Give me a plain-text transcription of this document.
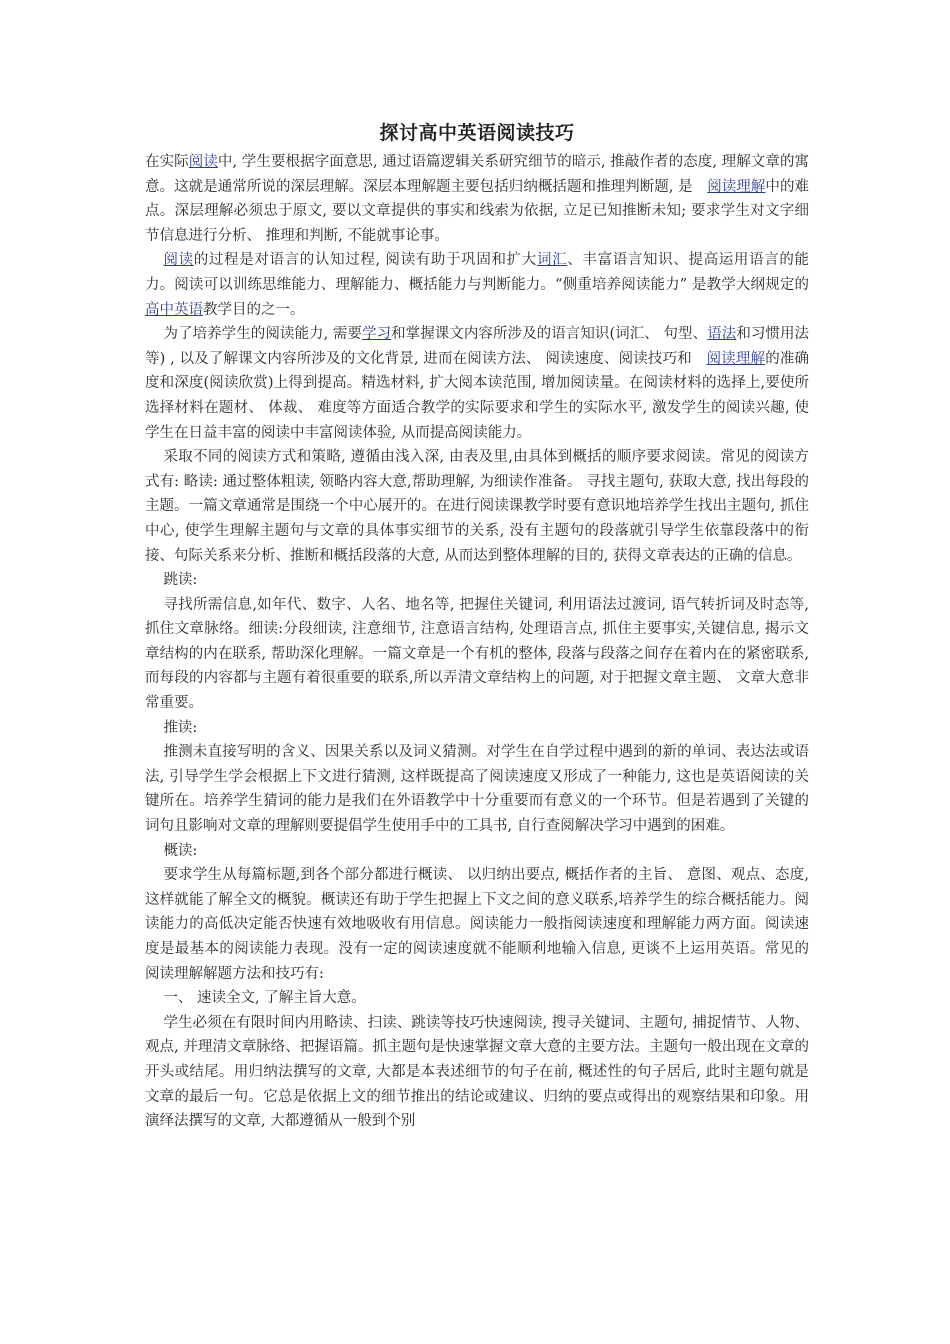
探讨高中英语阅读技巧

在实际阅读中, 学生要根据字面意思, 通过语篇逻辑关系研究细节的暗示, 推敲作者的态度, 理解文章的寓意。这就是通常所说的深层理解。深层本理解题主要包括归纳概括题和推理判断题, 是　阅读理解中的难点。深层理解必须忠于原文, 要以文章提供的事实和线索为依据, 立足已知推断未知; 要求学生对文字细节信息进行分析、 推理和判断, 不能就事论事。

阅读的过程是对语言的认知过程, 阅读有助于巩固和扩大词汇、丰富语言知识、提高运用语言的能力。阅读可以训练思维能力、理解能力、概括能力与判断能力。“侧重培养阅读能力” 是教学大纲规定的　高中英语教学目的之一。

为了培养学生的阅读能力, 需要学习和掌握课文内容所涉及的语言知识(词汇、 句型、语法和习惯用法等) , 以及了解课文内容所涉及的文化背景, 进而在阅读方法、 阅读速度、阅读技巧和　阅读理解的准确度和深度(阅读欣赏)上得到提高。精选材料, 扩大阅本读范围, 增加阅读量。在阅读材料的选择上,要使所选择材料在题材、 体裁、 难度等方面适合教学的实际要求和学生的实际水平, 激发学生的阅读兴趣, 使学生在日益丰富的阅读中丰富阅读体验, 从而提高阅读能力。

采取不同的阅读方式和策略, 遵循由浅入深, 由表及里,由具体到概括的顺序要求阅读。常见的阅读方式有: 略读: 通过整体粗读, 领略内容大意,帮助理解, 为细读作准备。 寻找主题句, 获取大意, 找出每段的主题。一篇文章通常是围绕一个中心展开的。在进行阅读课教学时要有意识地培养学生找出主题句, 抓住中心, 使学生理解主题句与文章的具体事实细节的关系, 没有主题句的段落就引导学生依靠段落中的衔接、句际关系来分析、推断和概括段落的大意, 从而达到整体理解的目的, 获得文章表达的正确的信息。

跳读:

寻找所需信息,如年代、数字、人名、地名等, 把握住关键词, 利用语法过渡词, 语气转折词及时态等, 抓住文章脉络。细读:分段细读, 注意细节, 注意语言结构, 处理语言点, 抓住主要事实,关键信息, 揭示文章结构的内在联系, 帮助深化理解。一篇文章是一个有机的整体, 段落与段落之间存在着内在的紧密联系, 而每段的内容都与主题有着很重要的联系,所以弄清文章结构上的问题, 对于把握文章主题、 文章大意非常重要。

推读:

推测未直接写明的含义、因果关系以及词义猜测。对学生在自学过程中遇到的新的单词、表达法或语法, 引导学生学会根据上下文进行猜测, 这样既提高了阅读速度又形成了一种能力, 这也是英语阅读的关键所在。培养学生猜词的能力是我们在外语教学中十分重要而有意义的一个环节。但是若遇到了关键的词句且影响对文章的理解则要提倡学生使用手中的工具书, 自行查阅解决学习中遇到的困难。

概读:

要求学生从每篇标题,到各个部分都进行概读、 以归纳出要点, 概括作者的主旨、 意图、观点、态度, 这样就能了解全文的概貌。概读还有助于学生把握上下文之间的意义联系,培养学生的综合概括能力。阅读能力的高低决定能否快速有效地吸收有用信息。阅读能力一般指阅读速度和理解能力两方面。阅读速度是最基本的阅读能力表现。没有一定的阅读速度就不能顺利地输入信息, 更谈不上运用英语。常见的 阅读理解解题方法和技巧有:

一、 速读全文, 了解主旨大意。

学生必须在有限时间内用略读、扫读、跳读等技巧快速阅读, 搜寻关键词、主题句, 捕捉情节、人物、观点, 并理清文章脉络、把握语篇。抓主题句是快速掌握文章大意的主要方法。主题句一般出现在文章的开头或结尾。用归纳法撰写的文章, 大都是本表述细节的句子在前, 概述性的句子居后, 此时主题句就是文章的最后一句。它总是依据上文的细节推出的结论或建议、归纳的要点或得出的观察结果和印象。用演绎法撰写的文章, 大都遵循从一般到个别
